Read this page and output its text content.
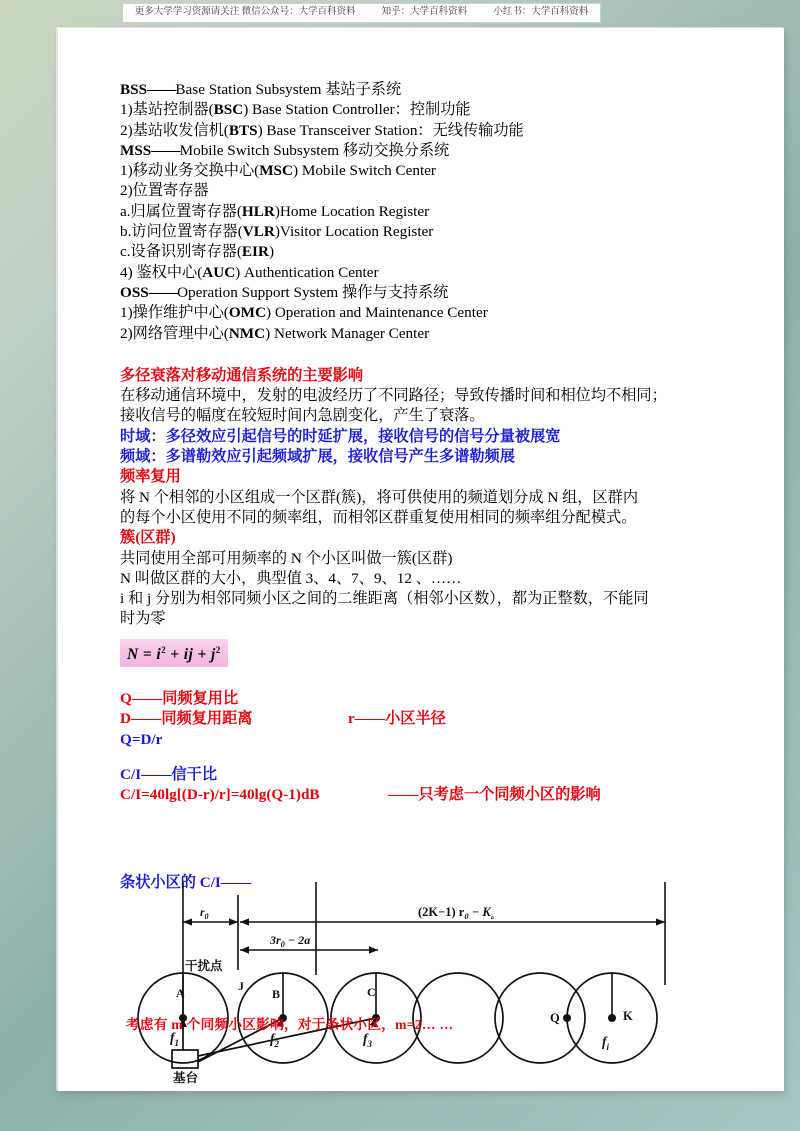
BSS——Base Station Subsystem 基站子系统
1)基站控制器(BSC) Base Station Controller：控制功能
2)基站收发信机(BTS) Base Transceiver Station：无线传输功能
MSS——Mobile Switch Subsystem 移动交换分系统
1)移动业务交换中心(MSC) Mobile Switch Center
2)位置寄存器
a.归属位置寄存器(HLR)Home Location Register
b.访问位置寄存器(VLR)Visitor Location Register
c.设备识别寄存器(EIR)
4) 鉴权中心(AUC) Authentication Center
OSS——Operation Support System 操作与支持系统
1)操作维护中心(OMC) Operation and Maintenance Center
2)网络管理中心(NMC) Network Manager Center
多径衰落对移动通信系统的主要影响
在移动通信环境中，发射的电波经历了不同路径；导致传播时间和相位均不相同；
接收信号的幅度在较短时间内急剧变化，产生了衰落。
时域：多径效应引起信号的时延扩展，接收信号的信号分量被展宽
频域：多谱勒效应引起频域扩展，接收信号产生多谱勒频展
频率复用
将 N 个相邻的小区组成一个区群(簇)，将可供使用的频道划分成 N 组，区群内
的每个小区使用不同的频率组，而相邻区群重复使用相同的频率组分配模式。
簇(区群)
共同使用全部可用频率的 N 个小区叫做一簇(区群)
N 叫做区群的大小，典型值 3、4、7、9、12 、……
i 和 j 分别为相邻同频小区之间的二维距离（相邻小区数），都为正整数，不能同
时为零
$N = i^2$ + ij + $j^2$
Q——同频复用比
D——同频复用距离	r——小区半径
Q=D/r
C/I——信干比
C/I=40lg[(D-r)/r]=40lg(Q-1)dB	——只考虑一个同频小区的影响
条状小区的 C/I——
$r_0$	(2K−1) $r_0 - K$。
$3r_0 - 2a$
干扰点
基台
A	J
B	C
Q	K
$f_1$	$f_2$	$f_3$	$f_i$
考虑有 m 个同频小区影响，对于条状小区，m=2… …
更多大学学习资源请关注 微信公众号：大学百科资料	知乎：大学百科资料	小红书：大学百科资料
